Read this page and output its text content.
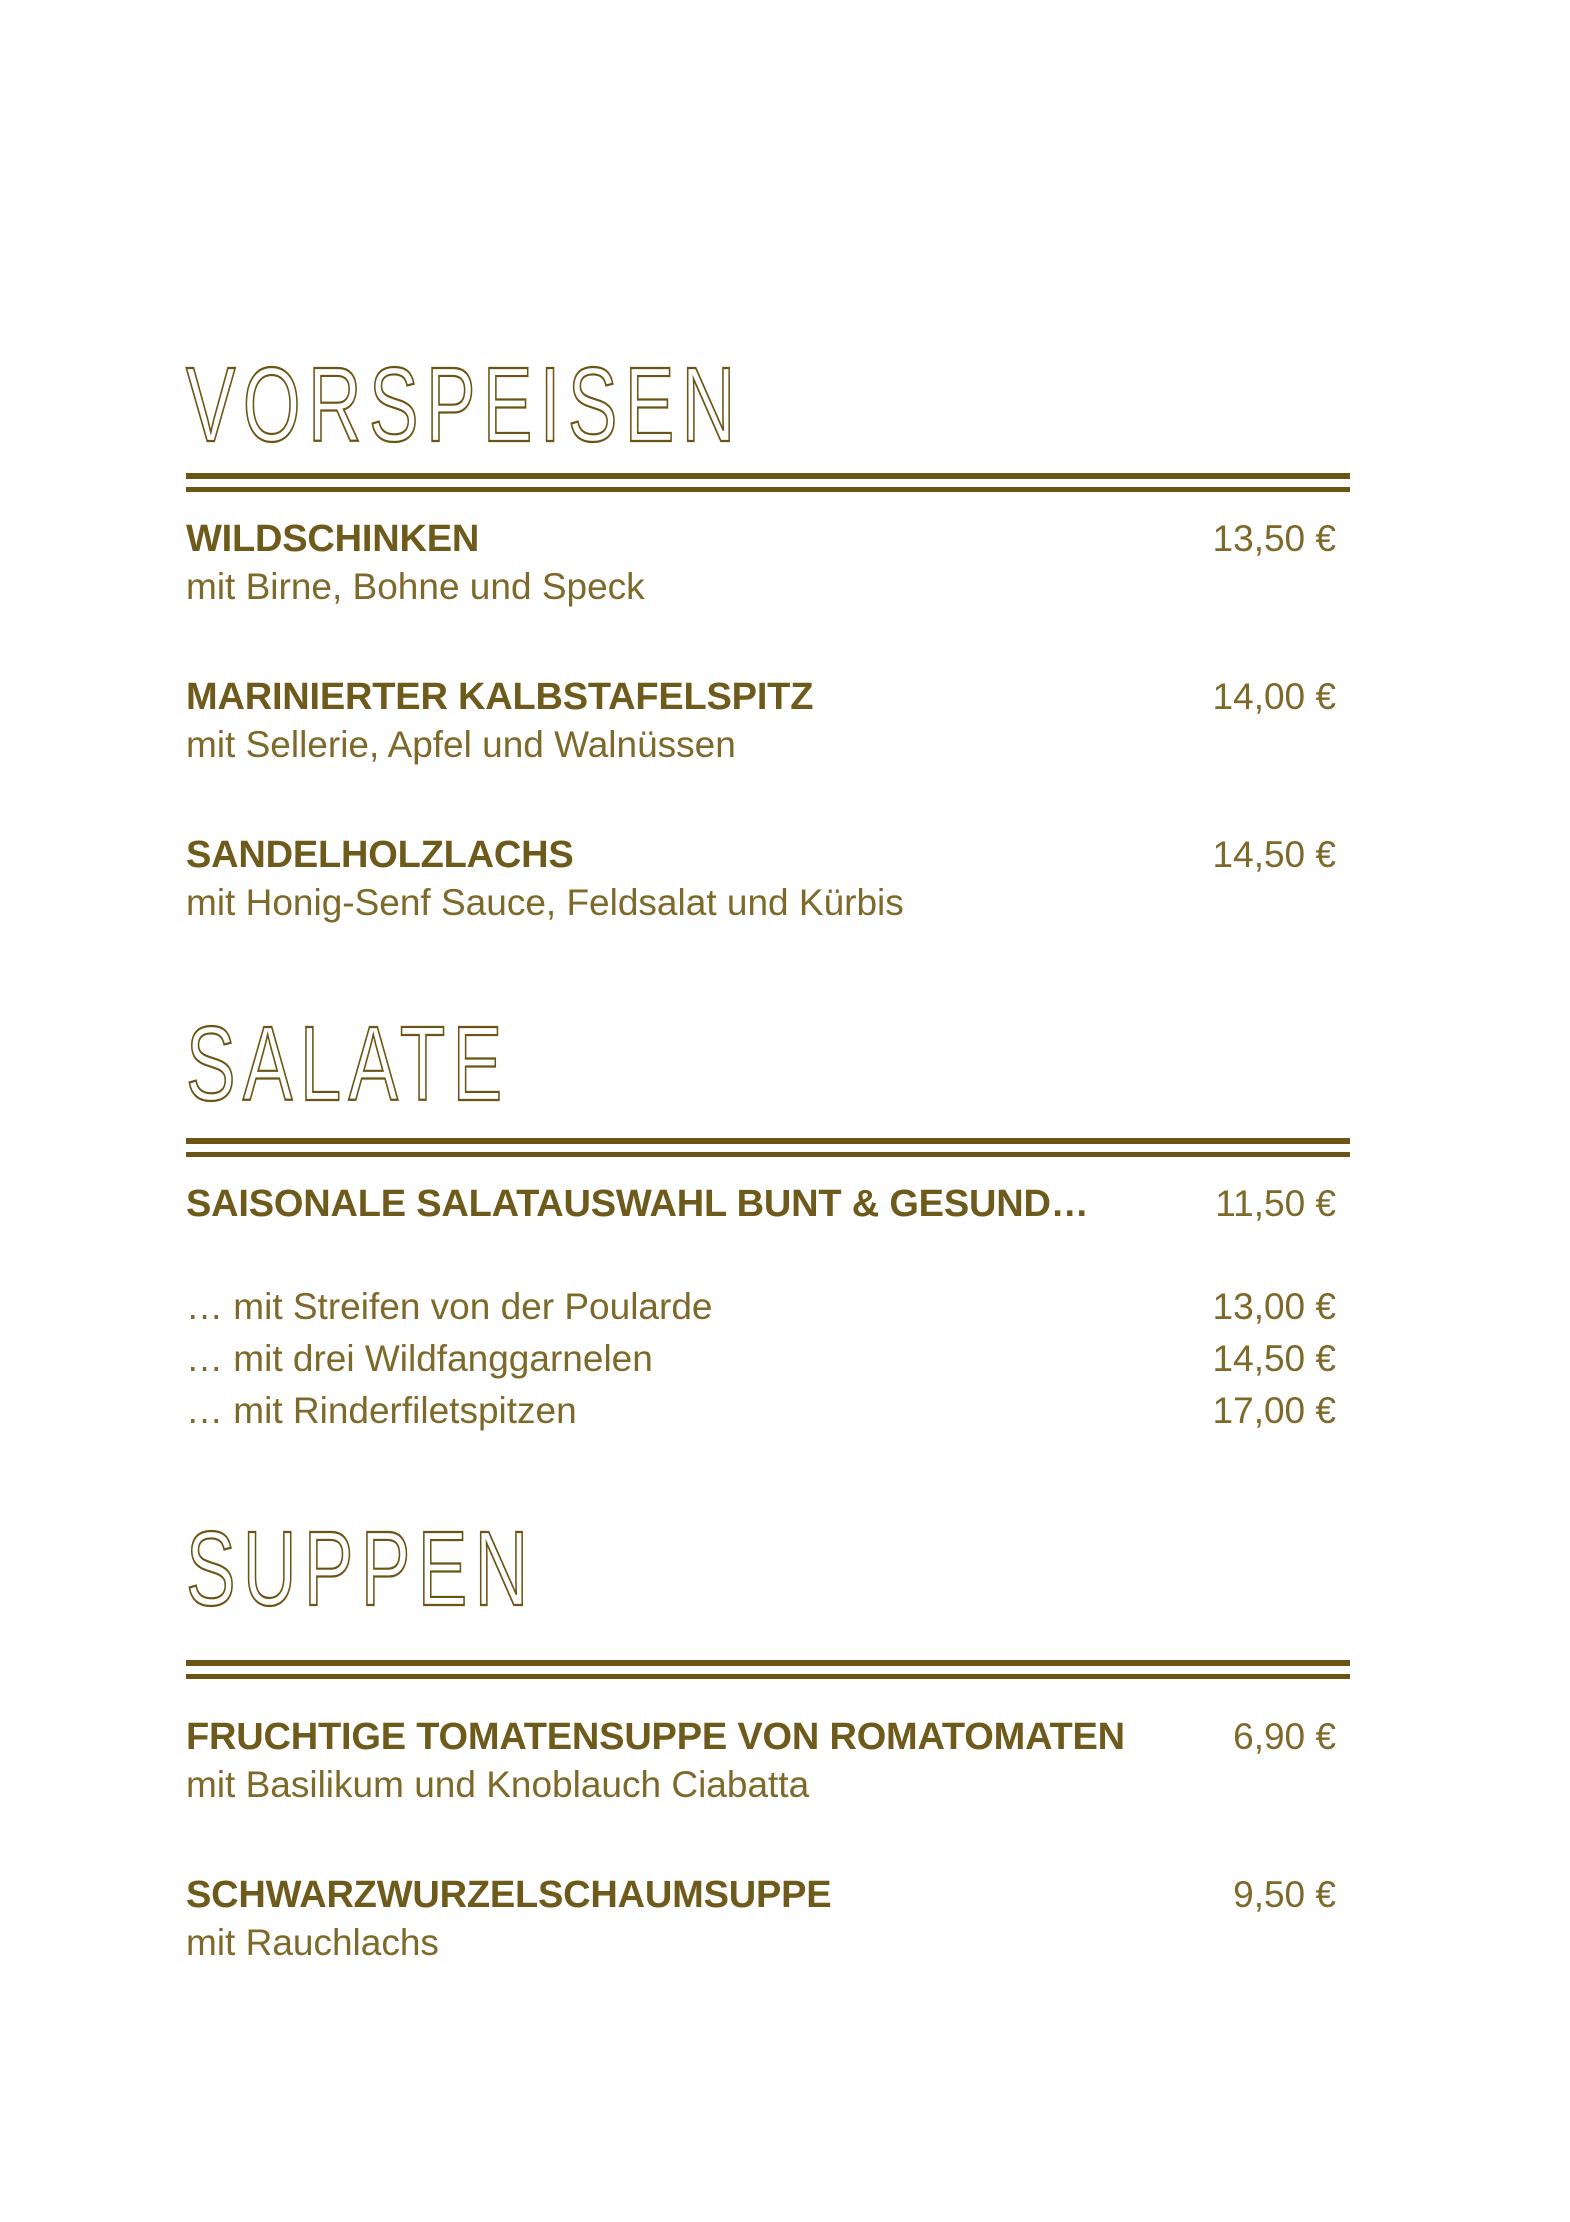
VORSPEISEN
WILDSCHINKEN	13,50 €
mit Birne, Bohne und Speck
MARINIERTER KALBSTAFELSPITZ	14,00 €
mit Sellerie, Apfel und Walnüssen
SANDELHOLZLACHS	14,50 €
mit Honig-Senf Sauce, Feldsalat und Kürbis
SALATE
SAISONALE SALATAUSWAHL BUNT & GESUND…	11,50 €
… mit Streifen von der Poularde	13,00 €
… mit drei Wildfanggarnelen	14,50 €
… mit Rinderfiletspitzen	17,00 €
SUPPEN
FRUCHTIGE TOMATENSUPPE VON ROMATOMATEN	6,90 €
mit Basilikum und Knoblauch Ciabatta
SCHWARZWURZELSCHAUMSUPPE	9,50 €
mit Rauchlachs
